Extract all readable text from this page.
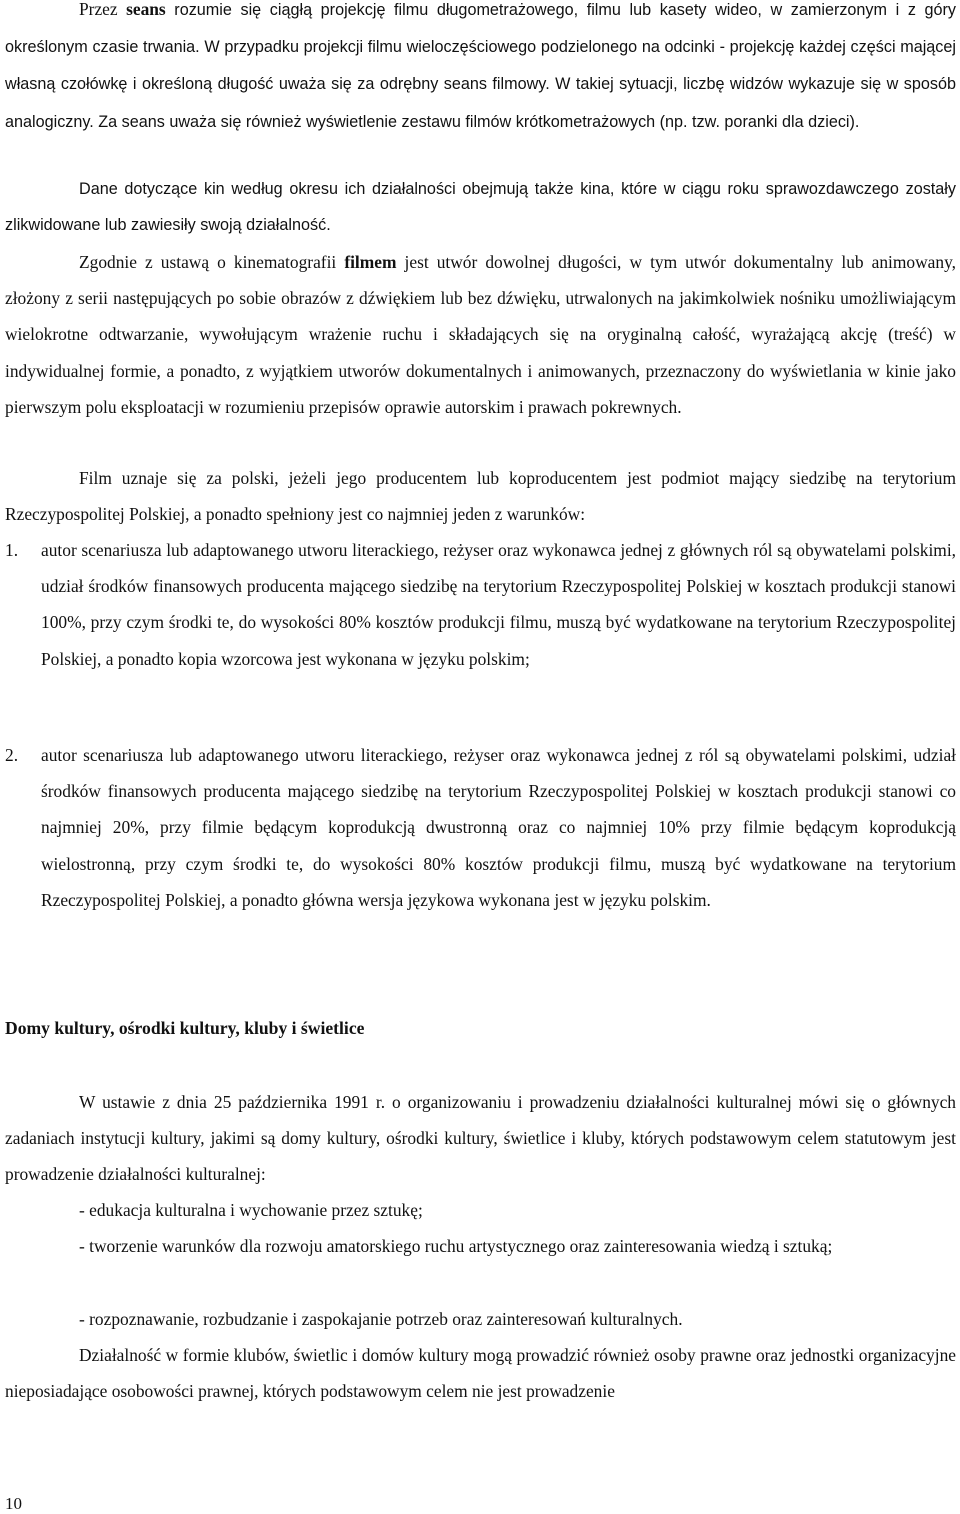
Przez seans rozumie się ciągłą projekcję filmu długometrażowego, filmu lub kasety wideo, w zamierzonym i z góry określonym czasie trwania. W przypadku projekcji filmu wieloczęściowego podzielonego na odcinki - projekcję każdej części mającej własną czołówkę i określoną długość uważa się za odrębny seans filmowy. W takiej sytuacji, liczbę widzów wykazuje się w sposób analogiczny. Za seans uważa się również wyświetlenie zestawu filmów krótkometrażowych (np. tzw. poranki dla dzieci).

Dane dotyczące kin według okresu ich działalności obejmują także kina, które w ciągu roku sprawozdawczego zostały zlikwidowane lub zawiesiły swoją działalność.

Zgodnie z ustawą o kinematografii filmem jest utwór dowolnej długości, w tym utwór dokumentalny lub animowany, złożony z serii następujących po sobie obrazów z dźwiękiem lub bez dźwięku, utrwalonych na jakimkolwiek nośniku umożliwiającym wielokrotne odtwarzanie, wywołującym wrażenie ruchu i składających się na oryginalną całość, wyrażającą akcję (treść) w indywidualnej formie, a ponadto, z wyjątkiem utworów dokumentalnych i animowanych, przeznaczony do wyświetlania w kinie jako pierwszym polu eksploatacji w rozumieniu przepisów oprawie autorskim i prawach pokrewnych.

Film uznaje się za polski, jeżeli jego producentem lub koproducentem jest podmiot mający siedzibę na terytorium Rzeczypospolitej Polskiej, a ponadto spełniony jest co najmniej jeden z warunków:

1. autor scenariusza lub adaptowanego utworu literackiego, reżyser oraz wykonawca jednej z głównych ról są obywatelami polskimi, udział środków finansowych producenta mającego siedzibę na terytorium Rzeczypospolitej Polskiej w kosztach produkcji stanowi 100%, przy czym środki te, do wysokości 80% kosztów produkcji filmu, muszą być wydatkowane na terytorium Rzeczypospolitej Polskiej, a ponadto kopia wzorcowa jest wykonana w języku polskim;
2. autor scenariusza lub adaptowanego utworu literackiego, reżyser oraz wykonawca jednej z ról są obywatelami polskimi, udział środków finansowych producenta mającego siedzibę na terytorium Rzeczypospolitej Polskiej w kosztach produkcji stanowi co najmniej 20%, przy filmie będącym koprodukcją dwustronną oraz co najmniej 10% przy filmie będącym koprodukcją wielostronną, przy czym środki te, do wysokości 80% kosztów produkcji filmu, muszą być wydatkowane na terytorium Rzeczypospolitej Polskiej, a ponadto główna wersja językowa wykonana jest w języku polskim.
Domy kultury, ośrodki kultury, kluby i świetlice

W ustawie z dnia 25 października 1991 r. o organizowaniu i prowadzeniu działalności kulturalnej mówi się o głównych zadaniach instytucji kultury, jakimi są domy kultury, ośrodki kultury, świetlice i kluby, których podstawowym celem statutowym jest prowadzenie działalności kulturalnej:

- edukacja kulturalna i wychowanie przez sztukę;
- tworzenie warunków dla rozwoju amatorskiego ruchu artystycznego oraz zainteresowania wiedzą i sztuką;
- rozpoznawanie, rozbudzanie i zaspokajanie potrzeb oraz zainteresowań kulturalnych.

Działalność w formie klubów, świetlic i domów kultury mogą prowadzić również osoby prawne oraz jednostki organizacyjne nieposiadające osobowości prawnej, których podstawowym celem nie jest prowadzenie

10
